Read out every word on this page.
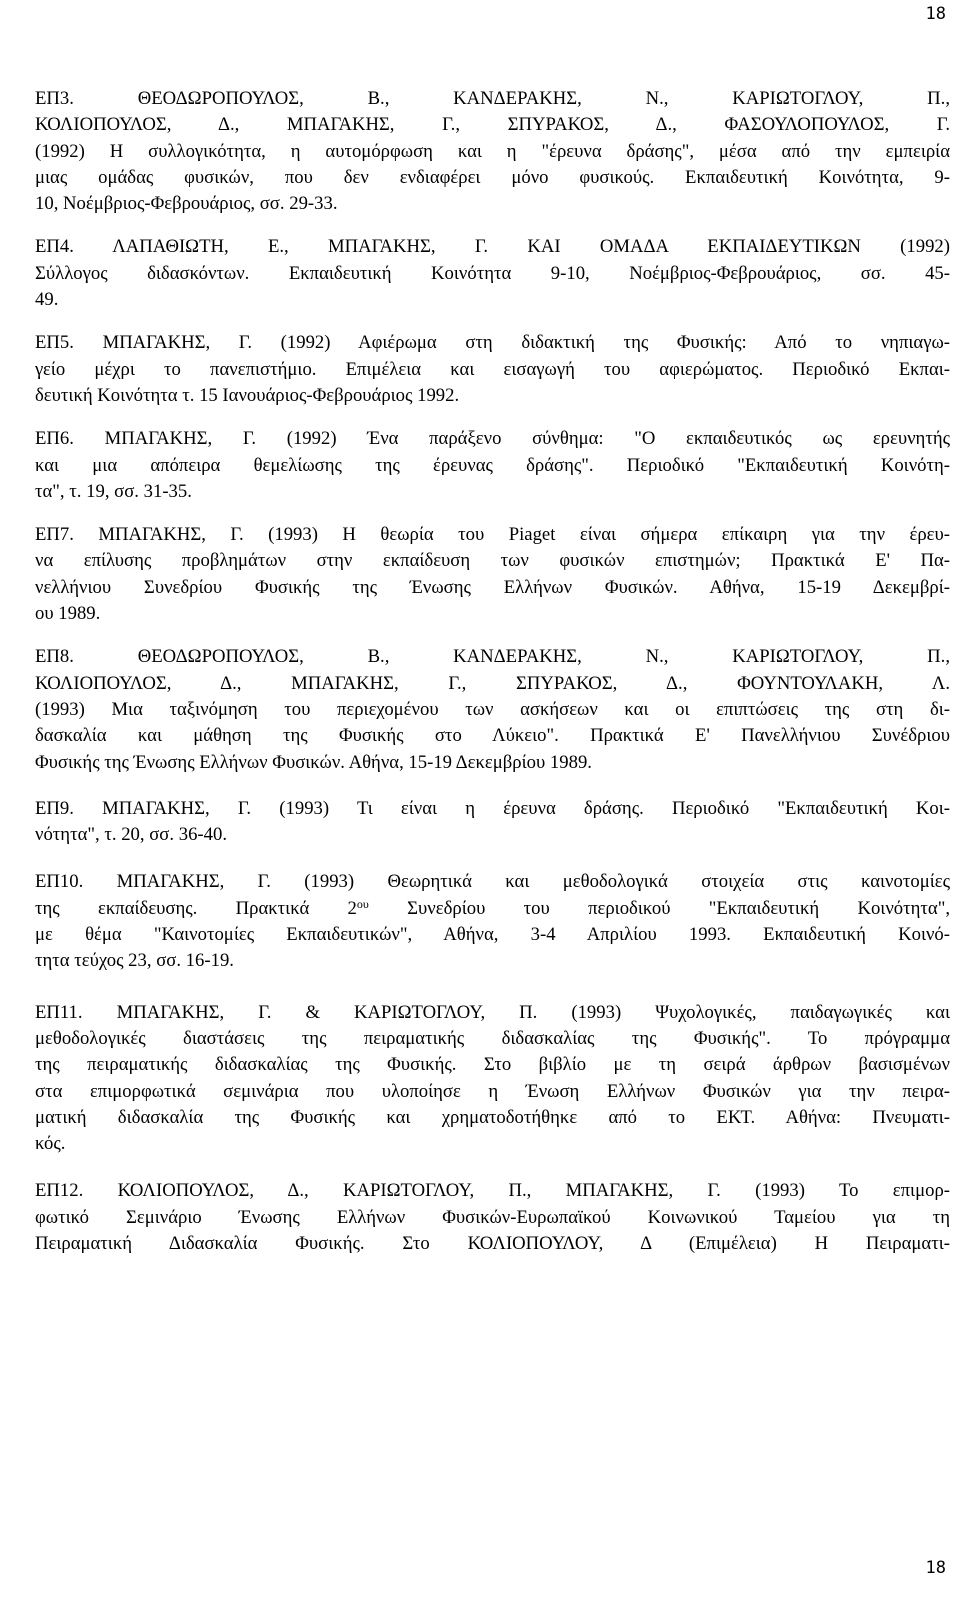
18

ΕΠ3. ΘΕΟΔΩΡΟΠΟΥΛΟΣ, Β., ΚΑΝΔΕΡΑΚΗΣ, Ν., ΚΑΡΙΩΤΟΓΛΟΥ, Π.,
ΚΟΛΙΟΠΟΥΛΟΣ, Δ., ΜΠΑΓΑΚΗΣ, Γ., ΣΠΥΡΑΚΟΣ, Δ., ΦΑΣΟΥΛΟΠΟΥΛΟΣ, Γ.
(1992) Η συλλογικότητα, η αυτομόρφωση και η "έρευνα δράσης", μέσα από την εμπειρία
μιας ομάδας φυσικών, που δεν ενδιαφέρει μόνο φυσικούς. Εκπαιδευτική Κοινότητα, 9-
10, Νοέμβριος-Φεβρουάριος, σσ. 29-33.

ΕΠ4. ΛΑΠΑΘΙΩΤΗ, Ε., ΜΠΑΓΑΚΗΣ, Γ. ΚΑΙ ΟΜΑΔΑ ΕΚΠΑΙΔΕΥΤΙΚΩΝ (1992)
Σύλλογος διδασκόντων. Εκπαιδευτική Κοινότητα 9-10, Νοέμβριος-Φεβρουάριος, σσ. 45-
49.

ΕΠ5. ΜΠΑΓΑΚΗΣ, Γ. (1992) Αφιέρωμα στη διδακτική της Φυσικής: Από το νηπιαγω-
γείο μέχρι το πανεπιστήμιο. Επιμέλεια και εισαγωγή του αφιερώματος. Περιοδικό Εκπαι-
δευτική Κοινότητα τ. 15 Ιανουάριος-Φεβρουάριος 1992.

ΕΠ6. ΜΠΑΓΑΚΗΣ, Γ. (1992) Ένα παράξενο σύνθημα: "Ο εκπαιδευτικός ως ερευνητής
και μια απόπειρα θεμελίωσης της έρευνας δράσης". Περιοδικό "Εκπαιδευτική Κοινότη-
τα", τ. 19, σσ. 31-35.

ΕΠ7. ΜΠΑΓΑΚΗΣ, Γ. (1993) Η θεωρία του Piaget είναι σήμερα επίκαιρη για την έρευ-
να επίλυσης προβλημάτων στην εκπαίδευση των φυσικών επιστημών; Πρακτικά Ε' Πα-
νελλήνιου Συνεδρίου Φυσικής της Ένωσης Ελλήνων Φυσικών. Αθήνα, 15-19 Δεκεμβρί-
ου 1989.

ΕΠ8. ΘΕΟΔΩΡΟΠΟΥΛΟΣ, Β., ΚΑΝΔΕΡΑΚΗΣ, Ν., ΚΑΡΙΩΤΟΓΛΟΥ, Π.,
ΚΟΛΙΟΠΟΥΛΟΣ, Δ., ΜΠΑΓΑΚΗΣ, Γ., ΣΠΥΡΑΚΟΣ, Δ., ΦΟΥΝΤΟΥΛΑΚΗ, Λ.
(1993) Μια ταξινόμηση του περιεχομένου των ασκήσεων και οι επιπτώσεις της στη δι-
δασκαλία και μάθηση της Φυσικής στο Λύκειο". Πρακτικά Ε' Πανελλήνιου Συνέδριου
Φυσικής της Ένωσης Ελλήνων Φυσικών. Αθήνα, 15-19 Δεκεμβρίου 1989.

ΕΠ9. ΜΠΑΓΑΚΗΣ, Γ. (1993) Τι είναι η έρευνα δράσης. Περιοδικό "Εκπαιδευτική Κοι-
νότητα", τ. 20, σσ. 36-40.

ΕΠ10. ΜΠΑΓΑΚΗΣ, Γ. (1993) Θεωρητικά και μεθοδολογικά στοιχεία στις καινοτομίες
της εκπαίδευσης. Πρακτικά $2^{o\upsilon}$ Συνεδρίου του περιοδικού "Εκπαιδευτική Κοινότητα",
με θέμα "Καινοτομίες Εκπαιδευτικών", Αθήνα, 3-4 Απριλίου 1993. Εκπαιδευτική Κοινό-
τητα τεύχος 23, σσ. 16-19.

ΕΠ11. ΜΠΑΓΑΚΗΣ, Γ. & ΚΑΡΙΩΤΟΓΛΟΥ, Π. (1993) Ψυχολογικές, παιδαγωγικές και
μεθοδολογικές διαστάσεις της πειραματικής διδασκαλίας της Φυσικής". Το πρόγραμμα
της πειραματικής διδασκαλίας της Φυσικής. Στο βιβλίο με τη σειρά άρθρων βασισμένων
στα επιμορφωτικά σεμινάρια που υλοποίησε η Ένωση Ελλήνων Φυσικών για την πειρα-
ματική διδασκαλία της Φυσικής και χρηματοδοτήθηκε από το ΕΚΤ. Αθήνα: Πνευματι-
κός.

ΕΠ12. ΚΟΛΙΟΠΟΥΛΟΣ, Δ., ΚΑΡΙΩΤΟΓΛΟΥ, Π., ΜΠΑΓΑΚΗΣ, Γ. (1993) Το επιμορ-
φωτικό Σεμινάριο Ένωσης Ελλήνων Φυσικών-Ευρωπαϊκού Κοινωνικού Ταμείου για τη
Πειραματική Διδασκαλία Φυσικής. Στο ΚΟΛΙΟΠΟΥΛΟΥ, Δ (Επιμέλεια) Η Πειραματι-

18
